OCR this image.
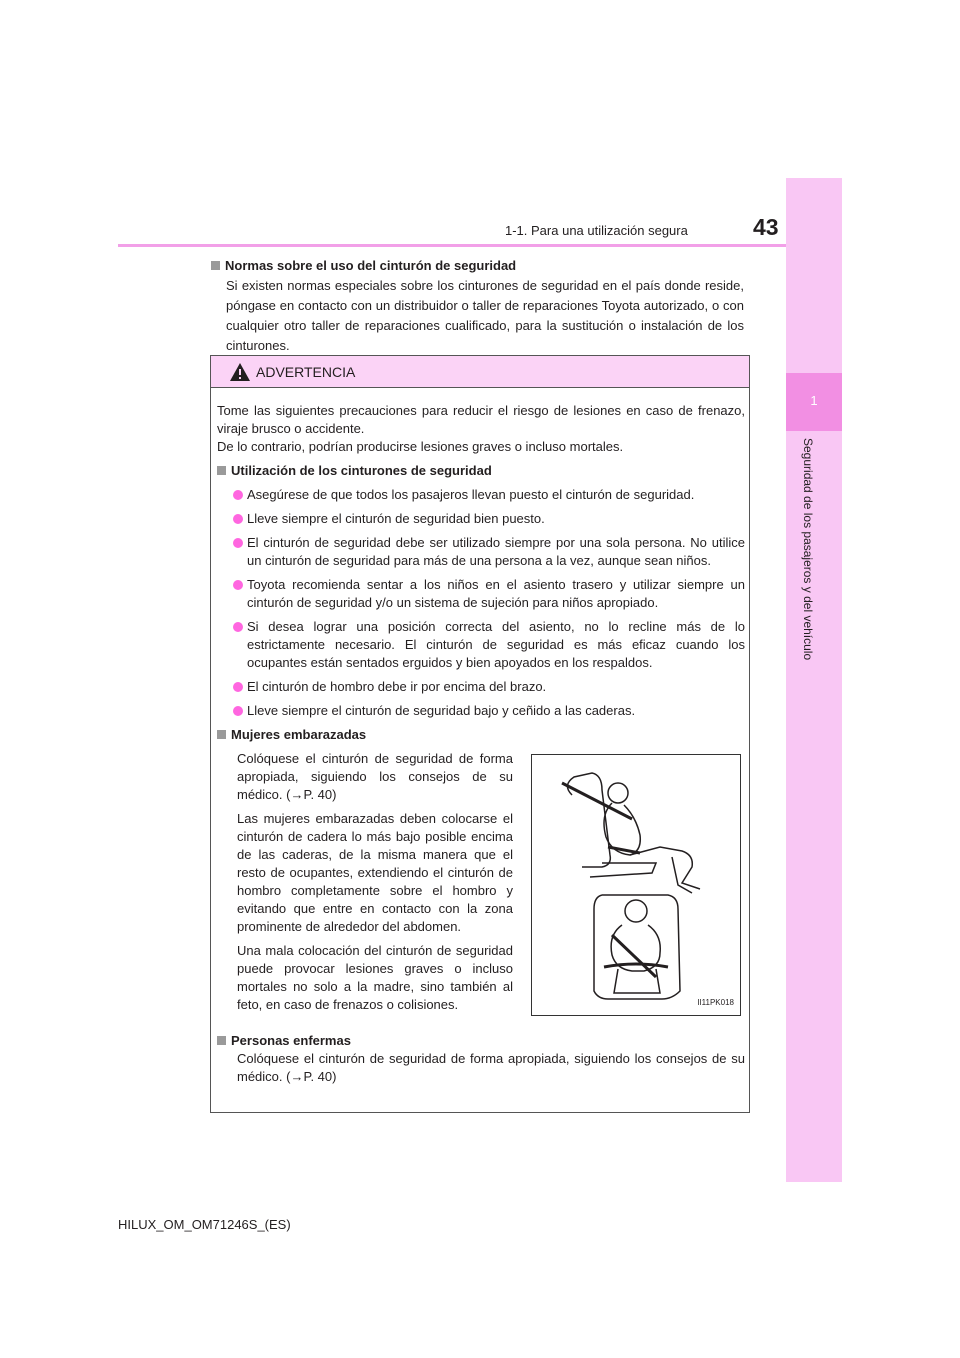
1-1. Para una utilización segura	43
1
Seguridad de los pasajeros y del vehículo
Normas sobre el uso del cinturón de seguridad

Si existen normas especiales sobre los cinturones de seguridad en el país donde reside, póngase en contacto con un distribuidor o taller de reparaciones Toyota autorizado, o con cualquier otro taller de reparaciones cualificado, para la sustitución o instalación de los cinturones.

ADVERTENCIA

Tome las siguientes precauciones para reducir el riesgo de lesiones en caso de frenazo, viraje brusco o accidente.

De lo contrario, podrían producirse lesiones graves o incluso mortales.

Utilización de los cinturones de seguridad
Asegúrese de que todos los pasajeros llevan puesto el cinturón de seguridad.
Lleve siempre el cinturón de seguridad bien puesto.
El cinturón de seguridad debe ser utilizado siempre por una sola persona. No utilice un cinturón de seguridad para más de una persona a la vez, aunque sean niños.
Toyota recomienda sentar a los niños en el asiento trasero y utilizar siempre un cinturón de seguridad y/o un sistema de sujeción para niños apropiado.
Si desea lograr una posición correcta del asiento, no lo recline más de lo estrictamente necesario. El cinturón de seguridad es más eficaz cuando los ocupantes están sentados erguidos y bien apoyados en los respaldos.
El cinturón de hombro debe ir por encima del brazo.
Lleve siempre el cinturón de seguridad bajo y ceñido a las caderas.
Mujeres embarazadas

Colóquese el cinturón de seguridad de forma apropiada, siguiendo los consejos de su médico. (→P. 40)

Las mujeres embarazadas deben colocarse el cinturón de cadera lo más bajo posible encima de las caderas, de la misma manera que el resto de ocupantes, extendiendo el cinturón de hombro completamente sobre el hombro y evitando que entre en contacto con la zona prominente de alrededor del abdomen.

Una mala colocación del cinturón de seguridad puede provocar lesiones graves o incluso mortales no solo a la madre, sino también al feto, en caso de frenazos o colisiones.	II11PK018
Personas enfermas

Colóquese el cinturón de seguridad de forma apropiada, siguiendo los consejos de su médico. (→P. 40)

HILUX_OM_OM71246S_(ES)
